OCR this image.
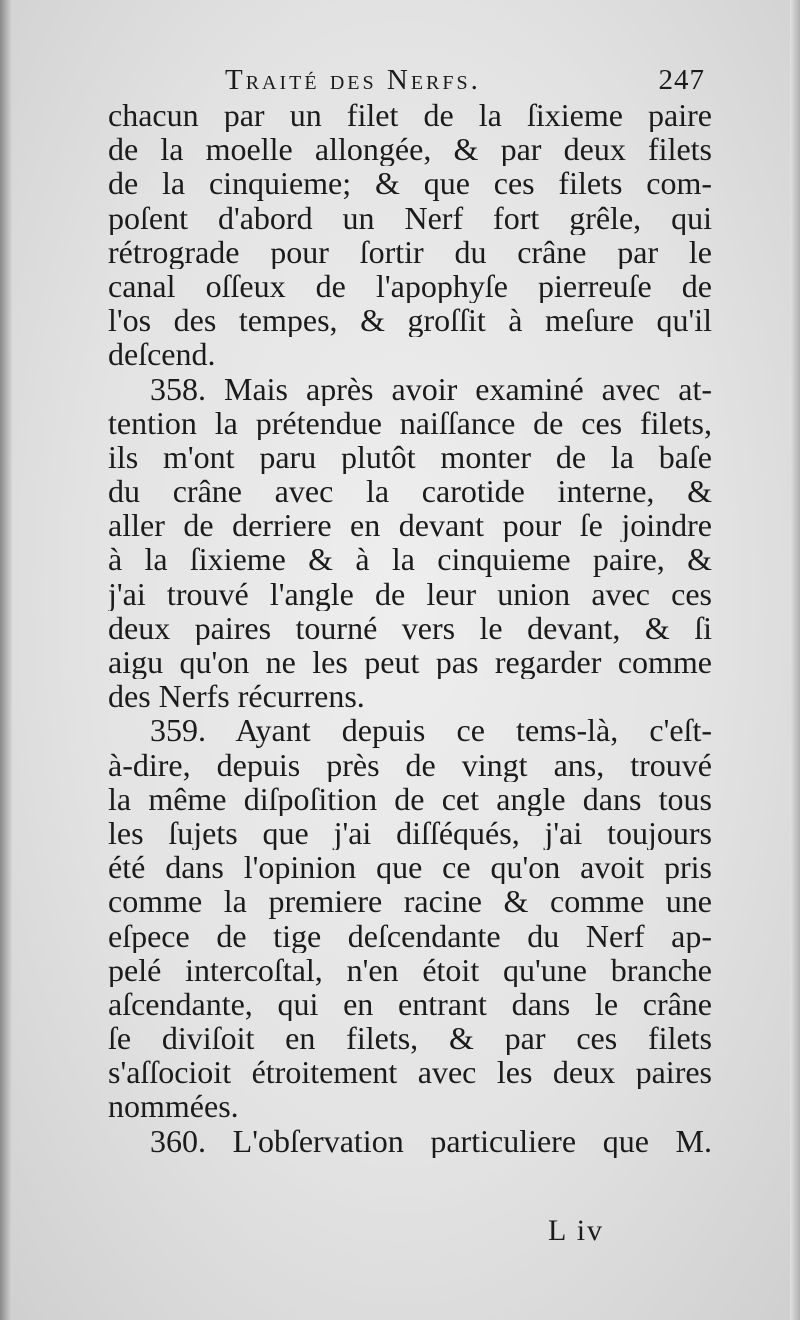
Traité des Nerfs.	247
chacun par un filet de la ſixieme paire
de la moelle allongée, & par deux filets
de la cinquieme; & que ces filets com-
poſent d'abord un Nerf fort grêle, qui
rétrograde pour ſortir du crâne par le
canal oſſeux de l'apophyſe pierreuſe de
l'os des tempes, & groſſit à meſure qu'il
deſcend.
358. Mais après avoir examiné avec at-
tention la prétendue naiſſance de ces filets,
ils m'ont paru plutôt monter de la baſe
du crâne avec la carotide interne, &
aller de derriere en devant pour ſe joindre
à la ſixieme & à la cinquieme paire, &
j'ai trouvé l'angle de leur union avec ces
deux paires tourné vers le devant, & ſi
aigu qu'on ne les peut pas regarder comme
des Nerfs récurrens.
359. Ayant depuis ce tems-là, c'eſt-
à-dire, depuis près de vingt ans, trouvé
la même diſpoſition de cet angle dans tous
les ſujets que j'ai diſſéqués, j'ai toujours
été dans l'opinion que ce qu'on avoit pris
comme la premiere racine & comme une
eſpece de tige deſcendante du Nerf ap-
pelé intercoſtal, n'en étoit qu'une branche
aſcendante, qui en entrant dans le crâne
ſe diviſoit en filets, & par ces filets
s'aſſocioit étroitement avec les deux paires
nommées.
360. L'obſervation particuliere que M.
L iv
